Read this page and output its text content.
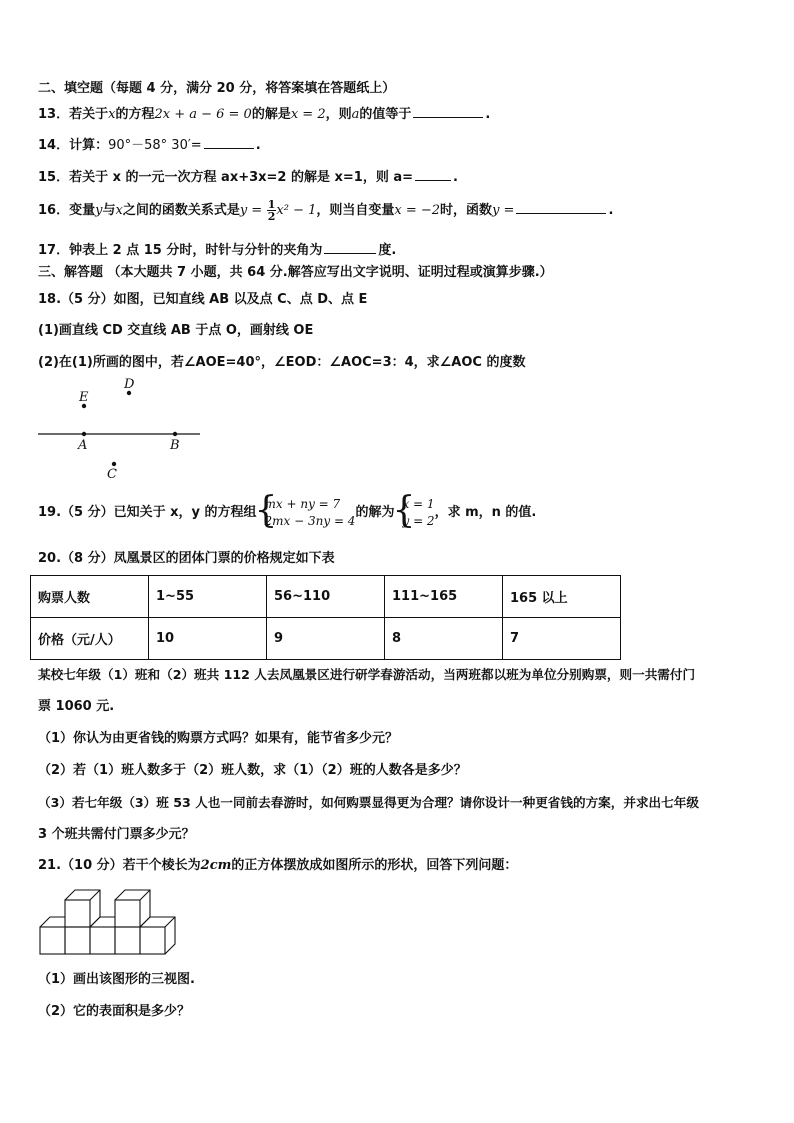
二、填空题（每题 4 分，满分 20 分，将答案填在答题纸上）
13．若关于x的方程2x + a − 6 = 0的解是x = 2，则a的值等于	.
14．计算：90°－58° 30′=	.
15．若关于 x 的一元一次方程 ax+3x=2 的解是 x=1，则 a=	.
16．变量y与x之间的函数关系式是$y = \frac{1}{2} x^2 - 1$，则当自变量x = −2时，函数y =	.
17．钟表上 2 点 15 分时，时针与分针的夹角为	度.
三、解答题 （本大题共 7 小题，共 64 分.解答应写出文字说明、证明过程或演算步骤.）
18.（5 分）如图，已知直线 AB 以及点 C、点 D、点 E
(1)画直线 CD 交直线 AB 于点 O，画射线 OE
(2)在(1)所画的图中，若∠AOE=40°，∠EOD：∠AOC=3：4，求∠AOC 的度数
E
D
A	B
C
19.（5 分）已知关于 x，y 的方程组
{ mx + ny = 7
2mx − 3ny = 4
的解为
{ x = 1
y = 2
，求 m，n 的值.
20.（8 分）凤凰景区的团体门票的价格规定如下表
购票人数	1~55	56~110	111~165	165 以上
价格（元/人）	10	9	8	7
某校七年级（1）班和（2）班共 112 人去凤凰景区进行研学春游活动，当两班都以班为单位分别购票，则一共需付门
票 1060 元.
（1）你认为由更省钱的购票方式吗？如果有，能节省多少元？
（2）若（1）班人数多于（2）班人数，求（1）（2）班的人数各是多少？
（3）若七年级（3）班 53 人也一同前去春游时，如何购票显得更为合理？请你设计一种更省钱的方案，并求出七年级
3 个班共需付门票多少元？
21.（10 分）若干个棱长为2cm的正方体摆放成如图所示的形状，回答下列问题：
（1）画出该图形的三视图.
（2）它的表面积是多少？
